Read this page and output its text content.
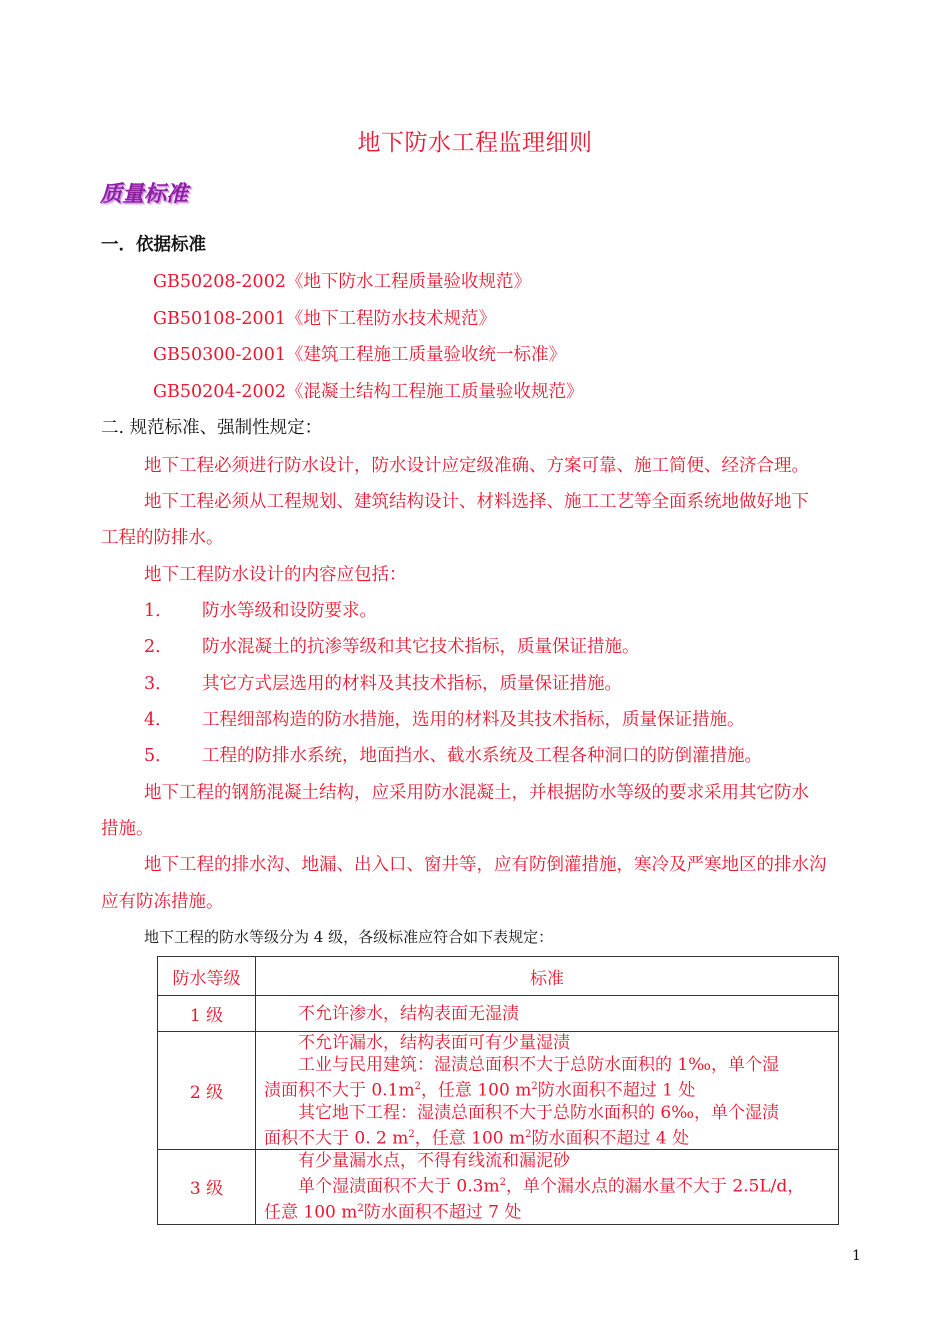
地下防水工程监理细则
质量标准
一．依据标准
GB50208-2002《地下防水工程质量验收规范》
GB50108-2001《地下工程防水技术规范》
GB50300-2001《建筑工程施工质量验收统一标准》
GB50204-2002《混凝土结构工程施工质量验收规范》
二. 规范标准、强制性规定：
地下工程必须进行防水设计，防水设计应定级准确、方案可靠、施工简便、经济合理。
地下工程必须从工程规划、建筑结构设计、材料选择、施工工艺等全面系统地做好地下
工程的防排水。
地下工程防水设计的内容应包括：
1． 防水等级和设防要求。
2． 防水混凝土的抗渗等级和其它技术指标，质量保证措施。
3． 其它方式层选用的材料及其技术指标，质量保证措施。
4． 工程细部构造的防水措施，选用的材料及其技术指标，质量保证措施。
5． 工程的防排水系统，地面挡水、截水系统及工程各种洞口的防倒灌措施。
地下工程的钢筋混凝土结构，应采用防水混凝土，并根据防水等级的要求采用其它防水
措施。
地下工程的排水沟、地漏、出入口、窗井等，应有防倒灌措施，寒冷及严寒地区的排水沟
应有防冻措施。
地下工程的防水等级分为 4 级，各级标准应符合如下表规定：
防水等级	标准
1 级	不允许渗水，结构表面无湿渍

2 级	不允许漏水，结构表面可有少量湿渍
工业与民用建筑：湿渍总面积不大于总防水面积的 1‰，单个湿
渍面积不大于 $0.1m^2$，任意 100 $m^2$防水面积不超过 1 处
其它地下工程：湿渍总面积不大于总防水面积的 6‰，单个湿渍
面积不大于 0. 2 $m^2$，任意 100 $m^2$防水面积不超过 4 处

3 级	有少量漏水点，不得有线流和漏泥砂
单个湿渍面积不大于 $0.3m^2$，单个漏水点的漏水量不大于 2.5L/d，
任意 100 $m^2$防水面积不超过 7 处
1
